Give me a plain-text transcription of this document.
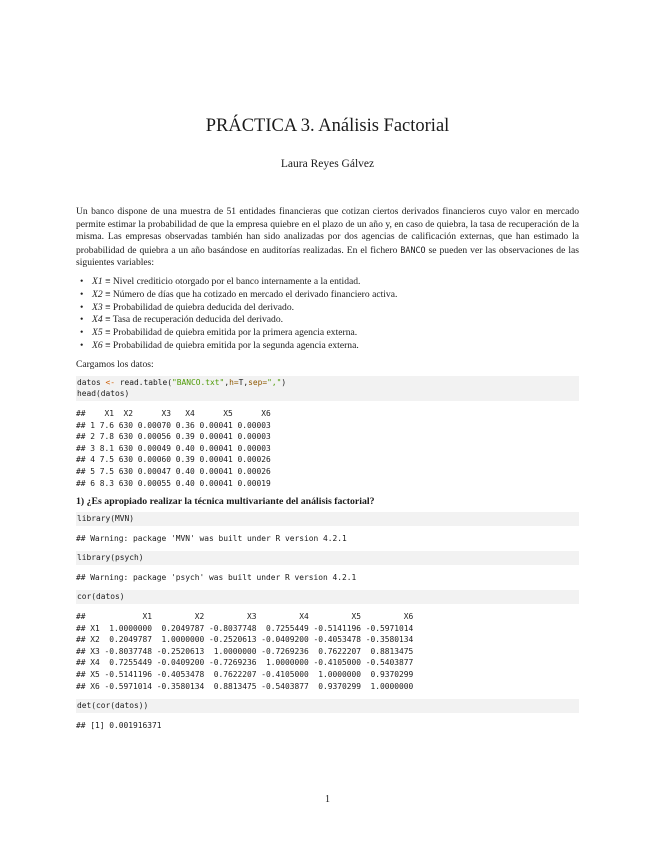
PRÁCTICA 3. Análisis Factorial
Laura Reyes Gálvez

Un banco dispone de una muestra de 51 entidades financieras que cotizan ciertos derivados financieros cuyo valor en mercado permite estimar la probabilidad de que la empresa quiebre en el plazo de un año y, en caso de quiebra, la tasa de recuperación de la misma. Las empresas observadas también han sido analizadas por dos agencias de calificación externas, que han estimado la probabilidad de quiebra a un año basándose en auditorías realizadas. En el fichero BANCO se pueden ver las observaciones de las siguientes variables:

• X1 ≡ Nivel crediticio otorgado por el banco internamente a la entidad.
• X2 ≡ Número de días que ha cotizado en mercado el derivado financiero activa.
• X3 ≡ Probabilidad de quiebra deducida del derivado.
• X4 ≡ Tasa de recuperación deducida del derivado.
• X5 ≡ Probabilidad de quiebra emitida por la primera agencia externa.
• X6 ≡ Probabilidad de quiebra emitida por la segunda agencia externa.

Cargamos los datos:

datos <- read.table("BANCO.txt",h=T,sep=",")
head(datos)
##    X1  X2      X3   X4      X5      X6
## 1 7.6 630 0.00070 0.36 0.00041 0.00003
## 2 7.8 630 0.00056 0.39 0.00041 0.00003
## 3 8.1 630 0.00049 0.40 0.00041 0.00003
## 4 7.5 630 0.00060 0.39 0.00041 0.00026
## 5 7.5 630 0.00047 0.40 0.00041 0.00026
## 6 8.3 630 0.00055 0.40 0.00041 0.00019
1) ¿Es apropiado realizar la técnica multivariante del análisis factorial?
library(MVN)
## Warning: package 'MVN' was built under R version 4.2.1
library(psych)
## Warning: package 'psych' was built under R version 4.2.1
cor(datos)
##            X1         X2         X3         X4         X5         X6
## X1  1.0000000  0.2049787 -0.8037748  0.7255449 -0.5141196 -0.5971014
## X2  0.2049787  1.0000000 -0.2520613 -0.0409200 -0.4053478 -0.3580134
## X3 -0.8037748 -0.2520613  1.0000000 -0.7269236  0.7622207  0.8813475
## X4  0.7255449 -0.0409200 -0.7269236  1.0000000 -0.4105000 -0.5403877
## X5 -0.5141196 -0.4053478  0.7622207 -0.4105000  1.0000000  0.9370299
## X6 -0.5971014 -0.3580134  0.8813475 -0.5403877  0.9370299  1.0000000
det(cor(datos))
## [1] 0.001916371
1
